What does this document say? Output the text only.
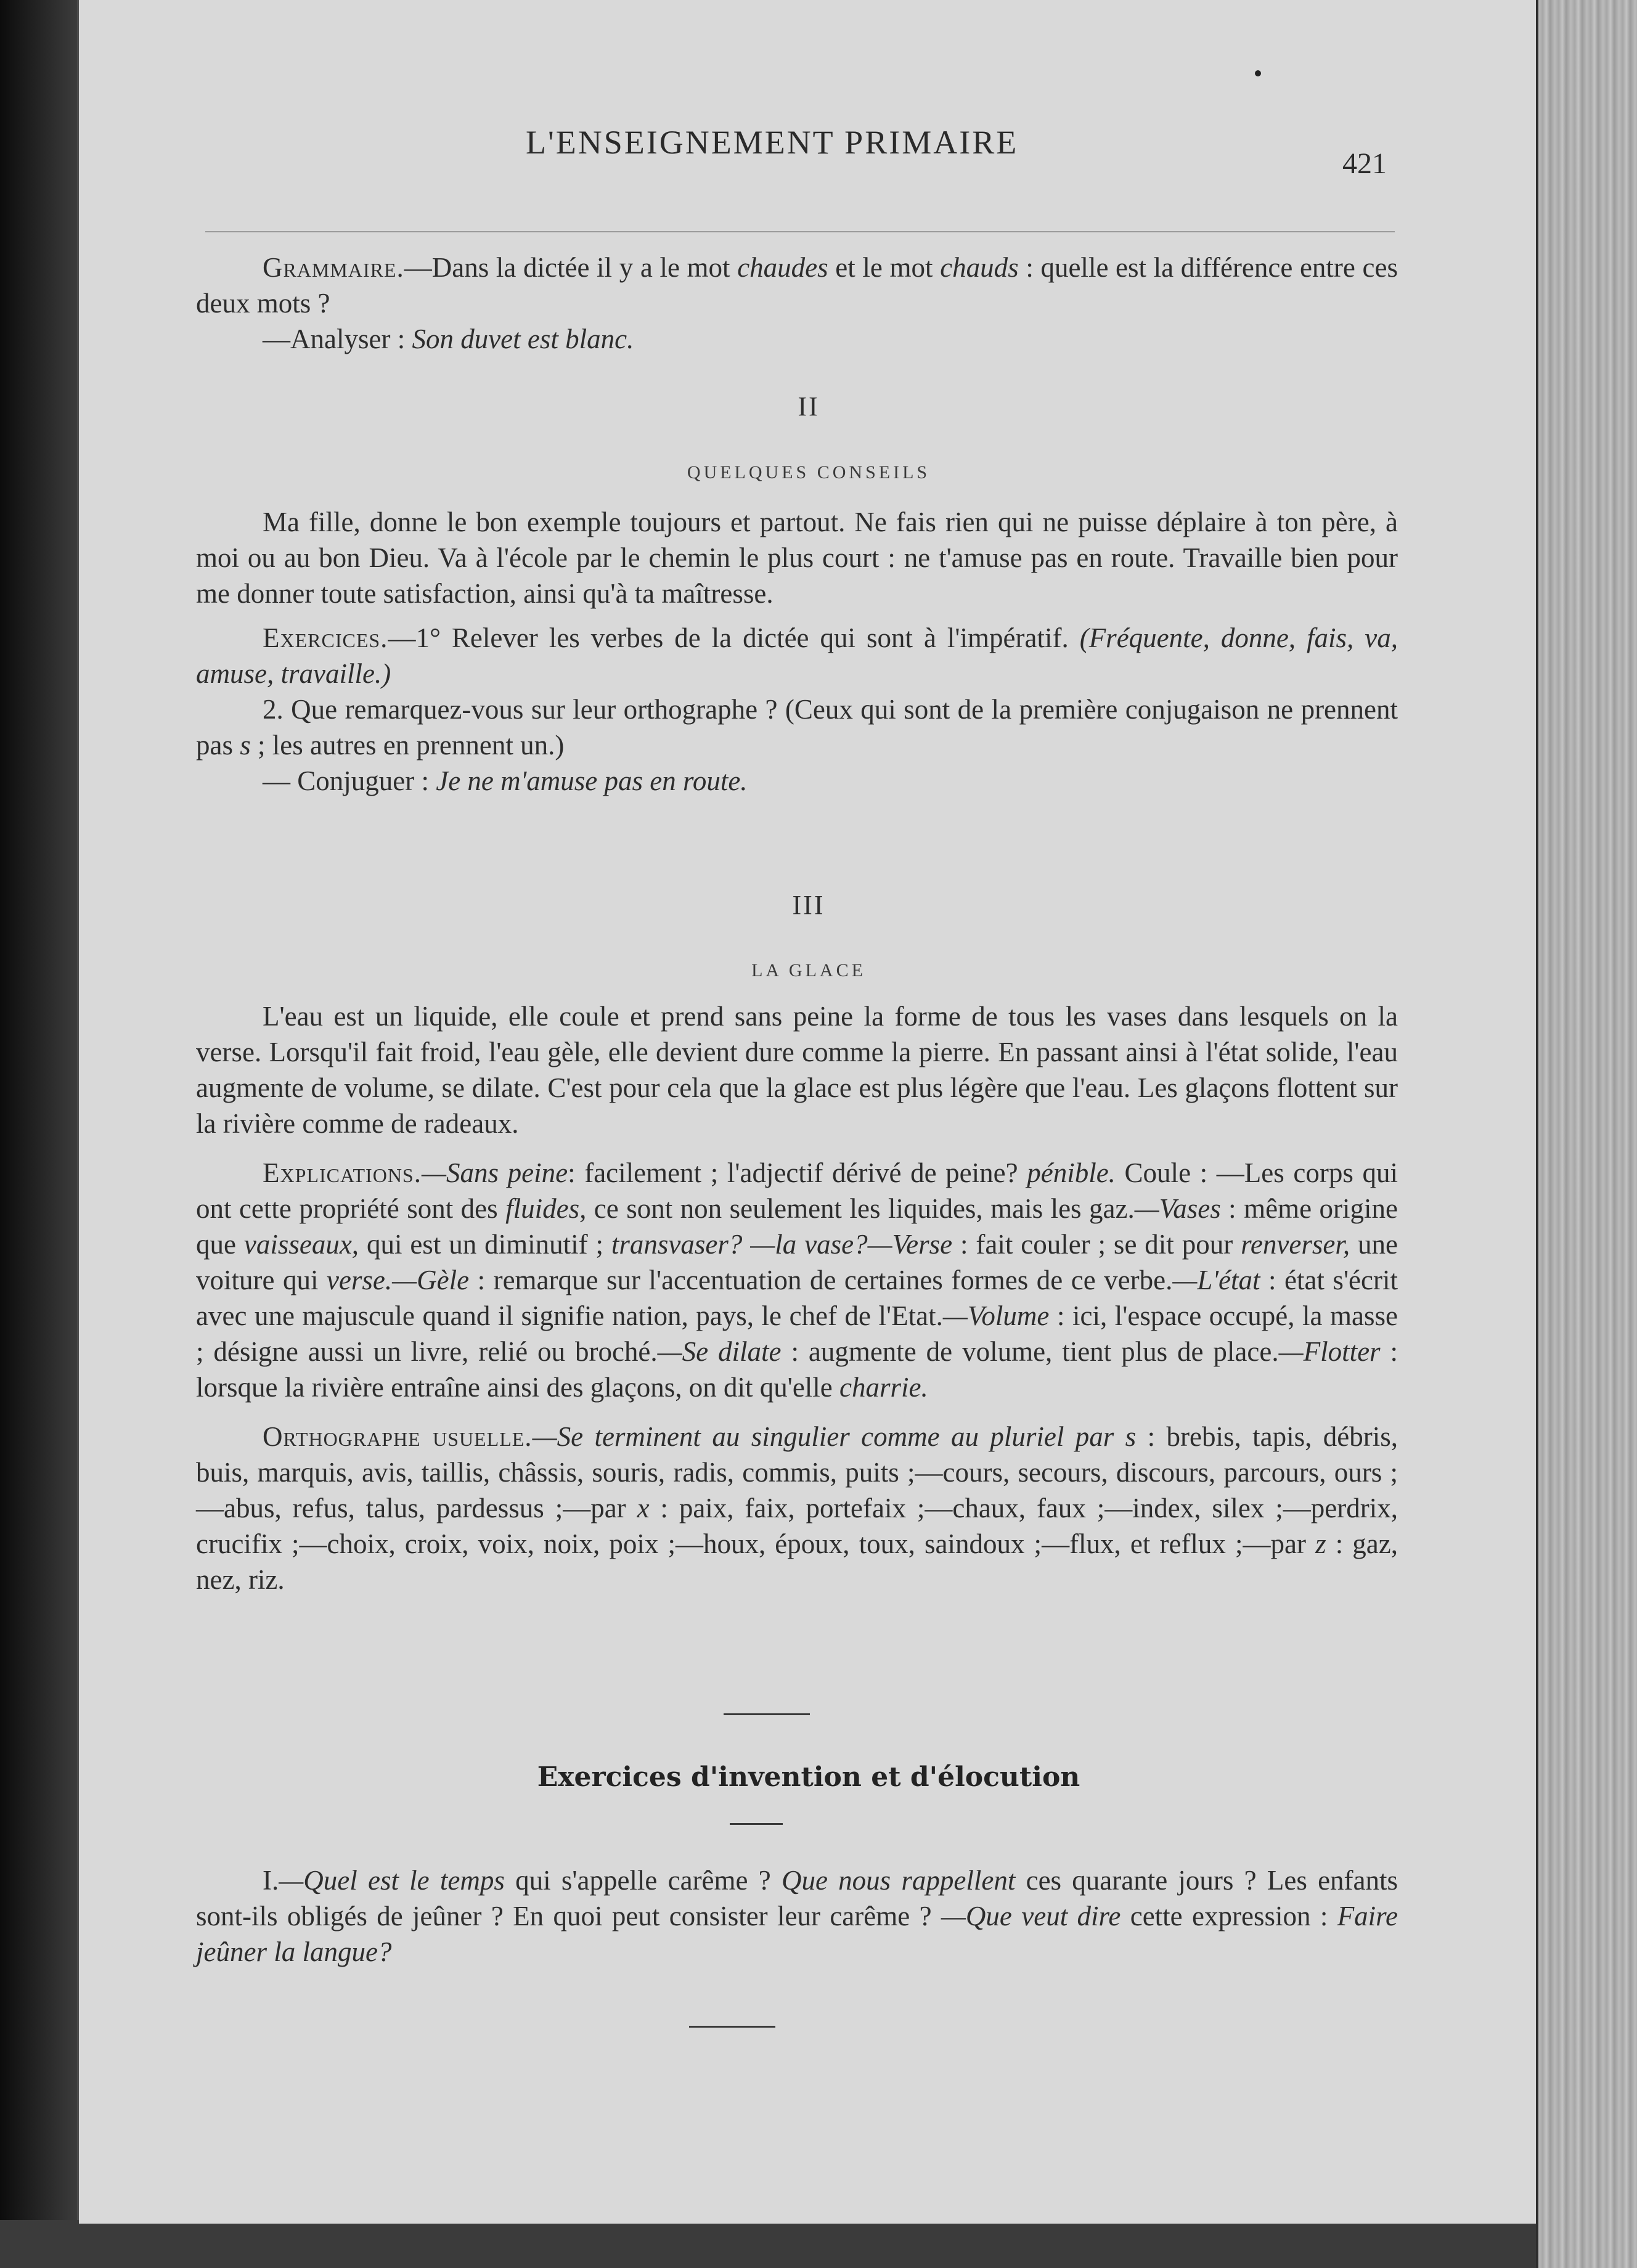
L'ENSEIGNEMENT PRIMAIRE
421

Grammaire.—Dans la dictée il y a le mot chaudes et le mot chauds : quelle est la différence entre ces deux mots ?

—Analyser : Son duvet est blanc.

II
QUELQUES CONSEILS

Ma fille, donne le bon exemple toujours et partout. Ne fais rien qui ne puisse déplaire à ton père, à moi ou au bon Dieu. Va à l'école par le chemin le plus court : ne t'amuse pas en route. Travaille bien pour me donner toute satisfaction, ainsi qu'à ta maîtresse.

Exercices.—1° Relever les verbes de la dictée qui sont à l'impératif. (Fréquente, donne, fais, va, amuse, travaille.)

2. Que remarquez-vous sur leur orthographe ? (Ceux qui sont de la première conjugaison ne prennent pas s ; les autres en prennent un.)

— Conjuguer : Je ne m'amuse pas en route.

III
LA GLACE

L'eau est un liquide, elle coule et prend sans peine la forme de tous les vases dans lesquels on la verse. Lorsqu'il fait froid, l'eau gèle, elle devient dure comme la pierre. En passant ainsi à l'état solide, l'eau augmente de volume, se dilate. C'est pour cela que la glace est plus légère que l'eau. Les glaçons flottent sur la rivière comme de radeaux.

Explications.—Sans peine: facilement ; l'adjectif dérivé de peine? pénible. Coule : —Les corps qui ont cette propriété sont des fluides, ce sont non seulement les liquides, mais les gaz.—Vases : même origine que vaisseaux, qui est un diminutif ; transvaser? —la vase?—Verse : fait couler ; se dit pour renverser, une voiture qui verse.—Gèle : remarque sur l'accentuation de certaines formes de ce verbe.—L'état : état s'écrit avec une majuscule quand il signifie nation, pays, le chef de l'Etat.—Volume : ici, l'espace occupé, la masse ; désigne aussi un livre, relié ou broché.—Se dilate : augmente de volume, tient plus de place.—Flotter : lorsque la rivière entraîne ainsi des glaçons, on dit qu'elle charrie.

Orthographe usuelle.—Se terminent au singulier comme au pluriel par s : brebis, tapis, débris, buis, marquis, avis, taillis, châssis, souris, radis, commis, puits ;—cours, secours, discours, parcours, ours ;—abus, refus, talus, pardessus ;—par x : paix, faix, portefaix ;—chaux, faux ;—index, silex ;—perdrix, crucifix ;—choix, croix, voix, noix, poix ;—houx, époux, toux, saindoux ;—flux, et reflux ;—par z : gaz, nez, riz.

Exercices d'invention et d'élocution

I.—Quel est le temps qui s'appelle carême ? Que nous rappellent ces quarante jours ? Les enfants sont-ils obligés de jeûner ? En quoi peut consister leur carême ? —Que veut dire cette expression : Faire jeûner la langue?
